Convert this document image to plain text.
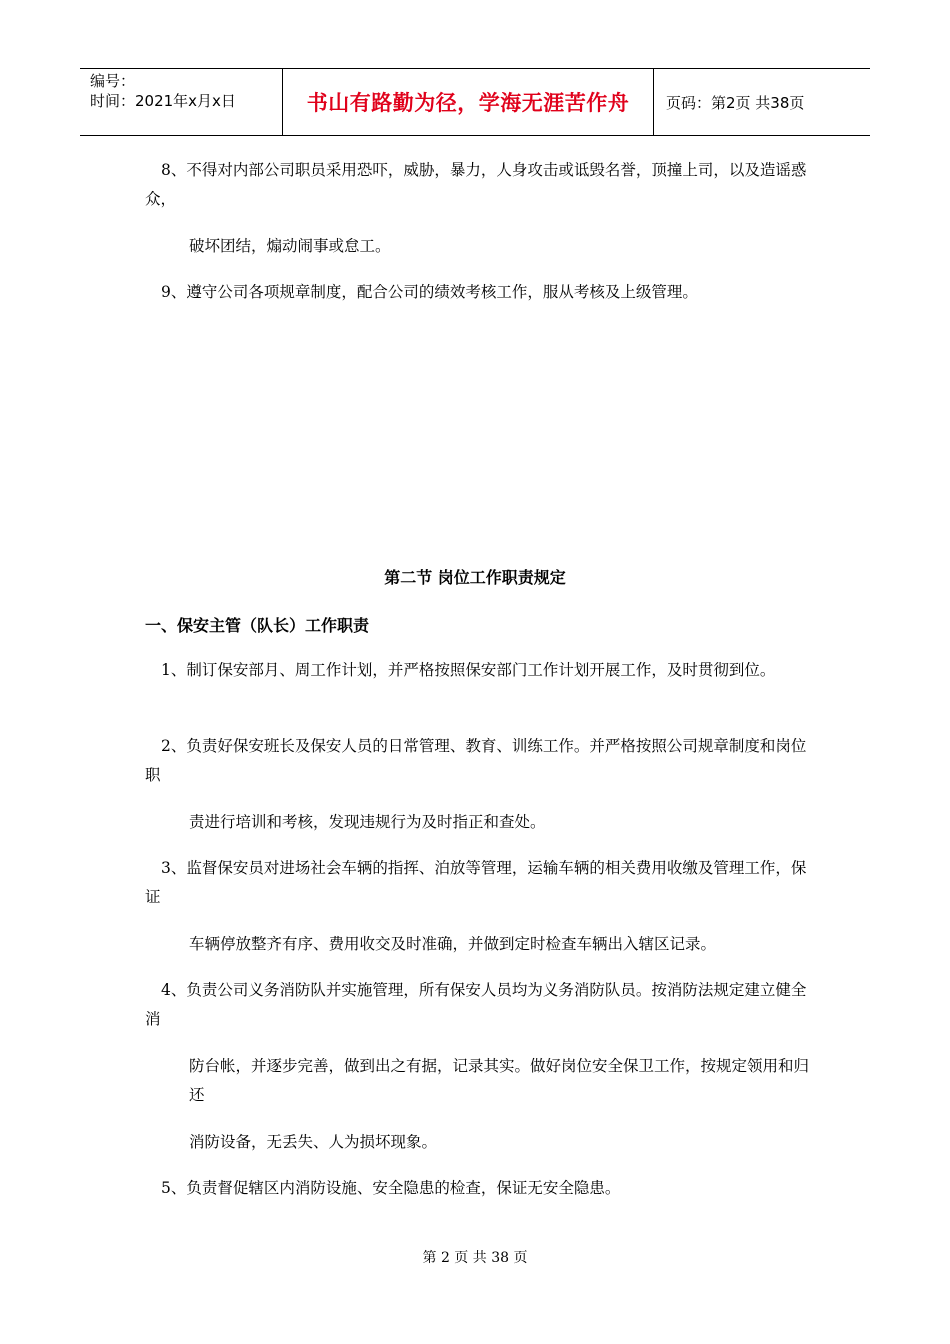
编号：
时间：2021年x月x日	书山有路勤为径，学海无涯苦作舟	页码：第2页 共38页

8、不得对内部公司职员采用恐吓，威胁，暴力，人身攻击或诋毁名誉，顶撞上司，以及造谣惑众，

破坏团结，煽动闹事或怠工。

9、遵守公司各项规章制度，配合公司的绩效考核工作，服从考核及上级管理。

第二节 岗位工作职责规定
一、保安主管（队长）工作职责

1、制订保安部月、周工作计划，并严格按照保安部门工作计划开展工作，及时贯彻到位。

2、负责好保安班长及保安人员的日常管理、教育、训练工作。并严格按照公司规章制度和岗位职

责进行培训和考核，发现违规行为及时指正和查处。

3、监督保安员对进场社会车辆的指挥、泊放等管理，运输车辆的相关费用收缴及管理工作，保证

车辆停放整齐有序、费用收交及时准确，并做到定时检查车辆出入辖区记录。

4、负责公司义务消防队并实施管理，所有保安人员均为义务消防队员。按消防法规定建立健全消

防台帐，并逐步完善，做到出之有据，记录其实。做好岗位安全保卫工作，按规定领用和归还

消防设备，无丢失、人为损坏现象。

5、负责督促辖区内消防设施、安全隐患的检查，保证无安全隐患。

第 2 页 共 38 页
